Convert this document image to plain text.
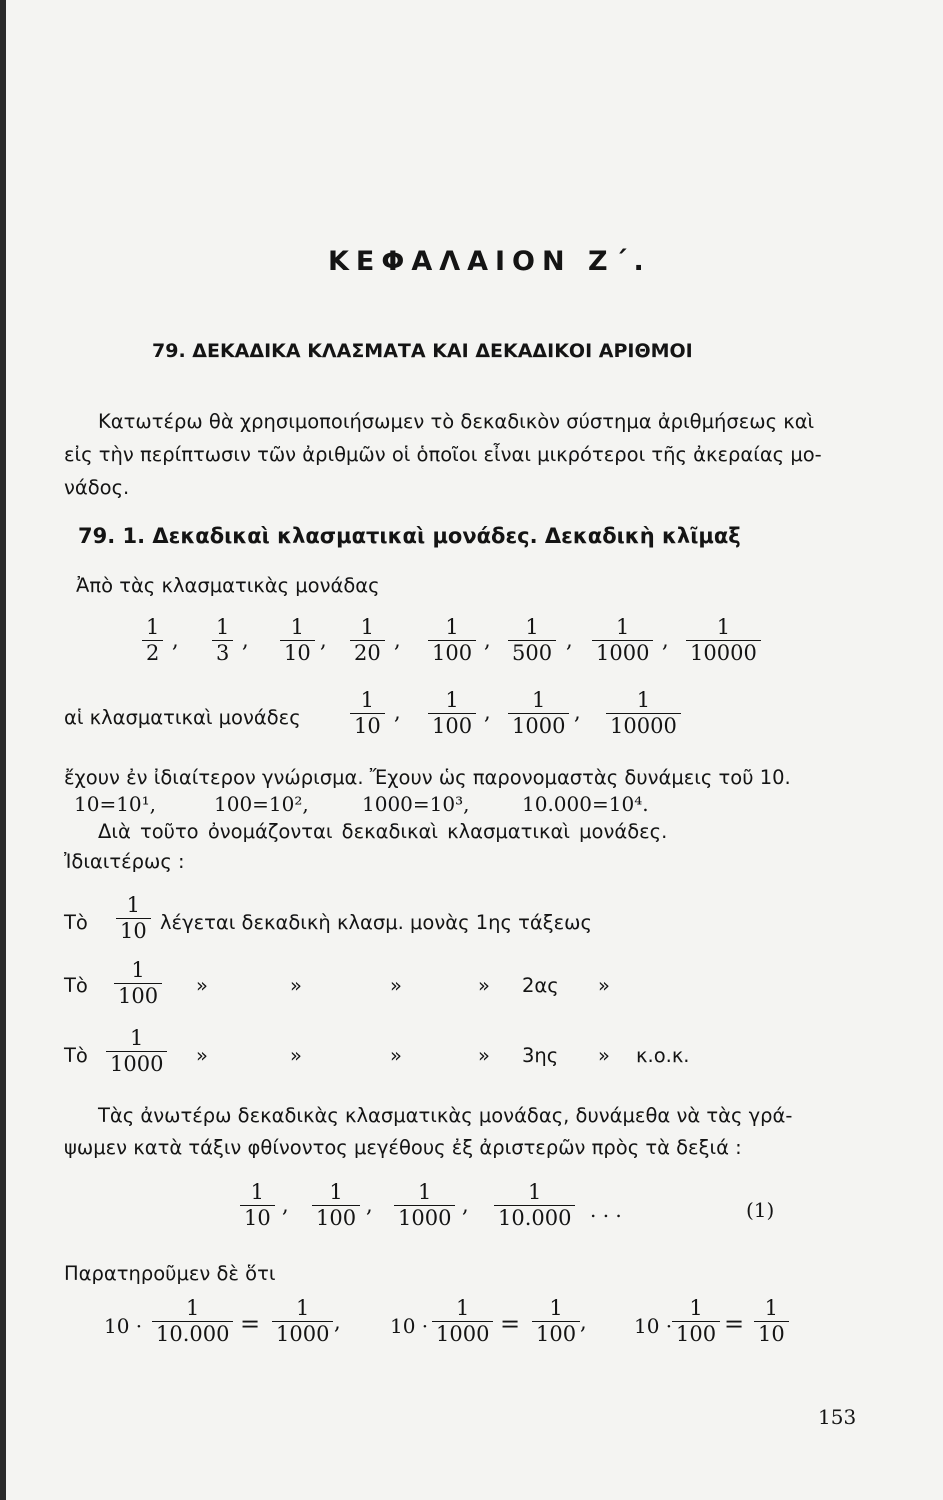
ΚΕΦΑΛΑΙΟΝ Ζ΄.
79. ΔΕΚΑΔΙΚΑ ΚΛΑΣΜΑΤΑ ΚΑΙ ΔΕΚΑΔΙΚΟΙ ΑΡΙΘΜΟΙ
Κατωτέρω θὰ χρησιμοποιήσωμεν τὸ δεκαδικὸν σύστημα ἀριθμήσεως καὶ
εἰς τὴν περίπτωσιν τῶν ἀριθμῶν οἱ ὁποῖοι εἶναι μικρότεροι τῆς ἀκεραίας μο-
νάδος.
79. 1. Δεκαδικαὶ κλασματικαὶ μονάδες. Δεκαδικὴ κλῖμαξ
Ἀπὸ τὰς κλασματικὰς μονάδας
$\frac{1}{2}$ , $\frac{1}{3}$ , $\frac{1}{10}$ , $\frac{1}{20}$ , $\frac{1}{100}$ , $\frac{1}{500}$ , $\frac{1}{1000}$ , $\frac{1}{10000}$
αἱ κλασματικαὶ μονάδες $\frac{1}{10}$ , $\frac{1}{100}$ , $\frac{1}{1000}$ , $\frac{1}{10000}$
ἔχουν ἐν ἰδιαίτερον γνώρισμα. Ἔχουν ὡς παρονομαστὰς δυνάμεις τοῦ 10.
10=10¹,	100=10²,	1000=10³,	10.000=10⁴.
Διὰ τοῦτο ὀνομάζονται δεκαδικαὶ κλασματικαὶ μονάδες.
Ἰδιαιτέρως :
Τὸ $\frac{1}{10}$ λέγεται δεκαδικὴ κλασμ. μονὰς 1ης τάξεως
Τὸ $\frac{1}{100}$ »	»	»	» 2ας »
Τὸ $\frac{1}{1000}$ »	»	»	» 3ης » κ.ο.κ.
Τὰς ἀνωτέρω δεκαδικὰς κλασματικὰς μονάδας, δυνάμεθα νὰ τὰς γρά-
ψωμεν κατὰ τάξιν φθίνοντος μεγέθους ἐξ ἀριστερῶν πρὸς τὰ δεξιά :
$\frac{1}{10}$ , $\frac{1}{100}$ , $\frac{1}{1000}$ , $\frac{1}{10.000}$ . . .	(1)
Παρατηροῦμεν δὲ ὅτι
$10 \cdot \frac{1}{10.000} = \frac{1}{1000}$ , $10 \cdot \frac{1}{1000} = \frac{1}{100}$ , $10 \cdot \frac{1}{100} = \frac{1}{10}$
153
